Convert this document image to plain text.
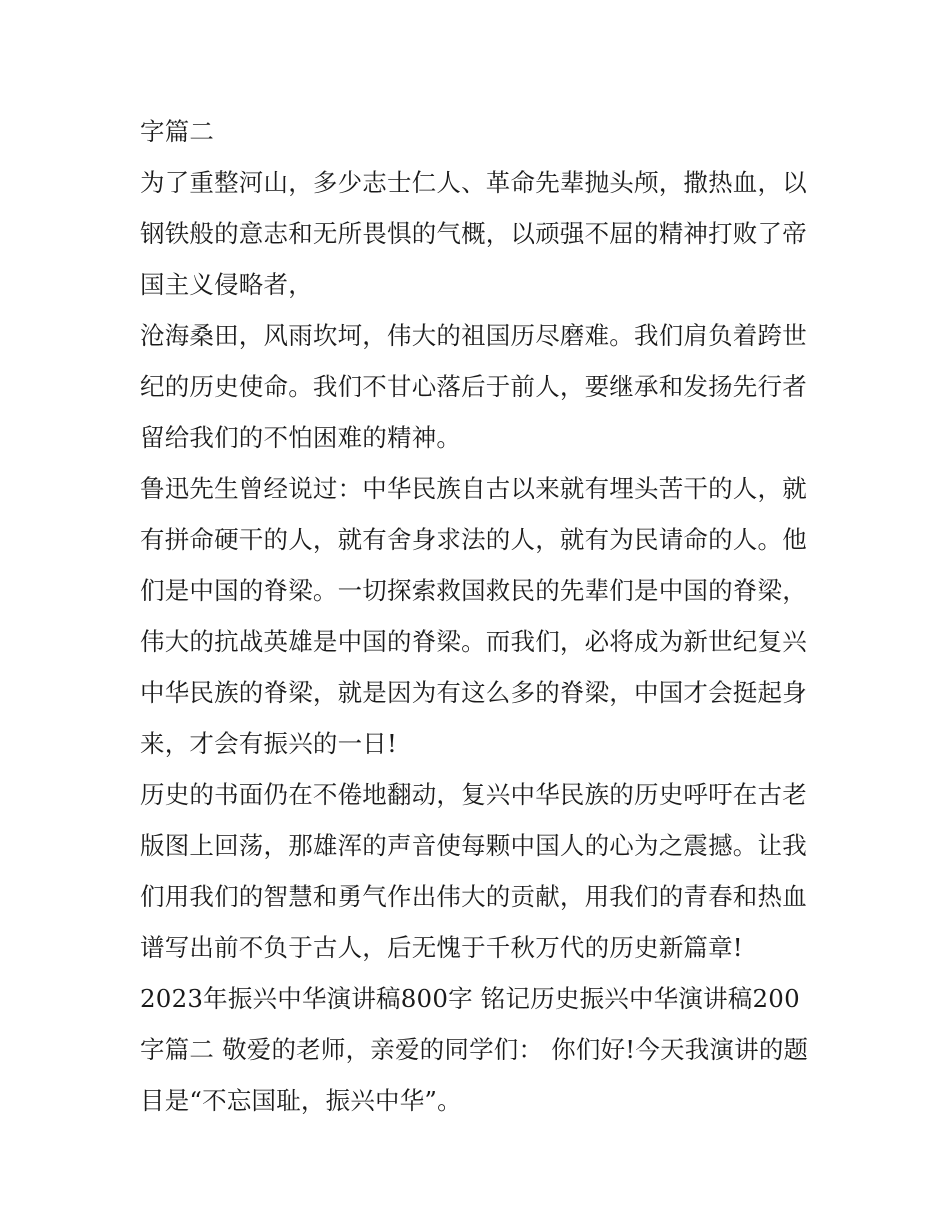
字篇二
为了重整河山，多少志士仁人、革命先辈抛头颅，撒热血，以
钢铁般的意志和无所畏惧的气概，以顽强不屈的精神打败了帝
国主义侵略者，
沧海桑田，风雨坎坷，伟大的祖国历尽磨难。我们肩负着跨世
纪的历史使命。我们不甘心落后于前人，要继承和发扬先行者
留给我们的不怕困难的精神。
鲁迅先生曾经说过：中华民族自古以来就有埋头苦干的人，就
有拼命硬干的人，就有舍身求法的人，就有为民请命的人。他
们是中国的脊梁。一切探索救国救民的先辈们是中国的脊梁，
伟大的抗战英雄是中国的脊梁。而我们，必将成为新世纪复兴
中华民族的脊梁，就是因为有这么多的脊梁，中国才会挺起身
来，才会有振兴的一日!
历史的书面仍在不倦地翻动，复兴中华民族的历史呼吁在古老
版图上回荡，那雄浑的声音使每颗中国人的心为之震撼。让我
们用我们的智慧和勇气作出伟大的贡献，用我们的青春和热血
谱写出前不负于古人，后无愧于千秋万代的历史新篇章!
2023年振兴中华演讲稿800字 铭记历史振兴中华演讲稿200
字篇二 敬爱的老师，亲爱的同学们： 你们好!今天我演讲的题
目是“不忘国耻，振兴中华”。
